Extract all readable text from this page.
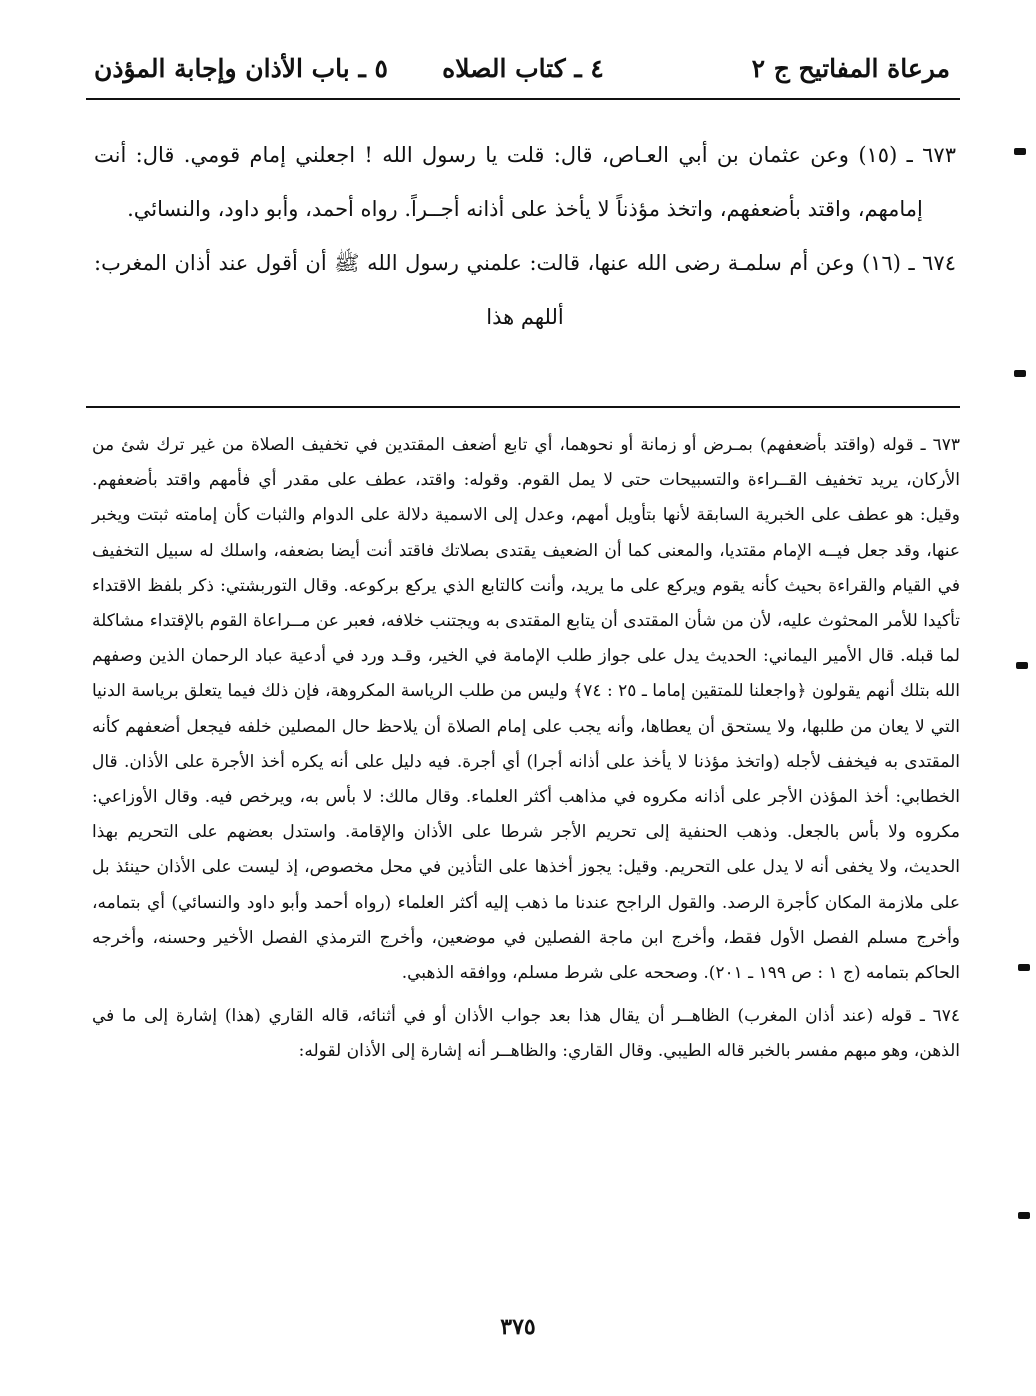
مرعاة المفاتيح ج ٢
٤ ـ كتاب الصلاه
٥ ـ باب الأذان وإجابة المؤذن

٦٧٣ ـ (١٥) وعن عثمان بن أبي العـاص، قال: قلت يا رسول الله ! اجعلني إمام قومي. قال: أنت إمامهم، واقتد بأضعفهم، واتخذ مؤذناً لا يأخذ على أذانه أجــراً. رواه أحمد، وأبو داود، والنسائي.

٦٧٤ ـ (١٦) وعن أم سلمـة رضى الله عنها، قالت: علمني رسول الله ﷺ أن أقول عند أذان المغرب: أللهم هذا

٦٧٣ ـ قوله (واقتد بأضعفهم) بمـرض أو زمانة أو نحوهما، أي تابع أضعف المقتدين في تخفيف الصلاة من غير ترك شئ من الأركان، يريد تخفيف القــراءة والتسبيحات حتى لا يمل القوم. وقوله: واقتد، عطف على مقدر أي فأمهم واقتد بأضعفهم. وقيل: هو عطف على الخبرية السابقة لأنها بتأويل أمهم، وعدل إلى الاسمية دلالة على الدوام والثبات كأن إمامته ثبتت ويخبر عنها، وقد جعل فيــه الإمام مقتديا، والمعنى كما أن الضعيف يقتدى بصلاتك فاقتد أنت أيضا بضعفه، واسلك له سبيل التخفيف في القيام والقراءة بحيث كأنه يقوم ويركع على ما يريد، وأنت كالتابع الذي يركع بركوعه. وقال التوربشتي: ذكر بلفظ الاقتداء تأكيدا للأمر المحثوث عليه، لأن من شأن المقتدى أن يتابع المقتدى به ويجتنب خلافه، فعبر عن مــراعاة القوم بالإقتداء مشاكلة لما قبله. قال الأمير اليماني: الحديث يدل على جواز طلب الإمامة في الخير، وقـد ورد في أدعية عباد الرحمان الذين وصفهم الله بتلك أنهم يقولون ﴿واجعلنا للمتقين إماما ـ ٢٥ : ٧٤﴾ وليس من طلب الرياسة المكروهة، فإن ذلك فيما يتعلق برياسة الدنيا التي لا يعان من طلبها، ولا يستحق أن يعطاها، وأنه يجب على إمام الصلاة أن يلاحظ حال المصلين خلفه فيجعل أضعفهم كأنه المقتدى به فيخفف لأجله (واتخذ مؤذنا لا يأخذ على أذانه أجرا) أي أجرة. فيه دليل على أنه يكره أخذ الأجرة على الأذان. قال الخطابي: أخذ المؤذن الأجر على أذانه مكروه في مذاهب أكثر العلماء. وقال مالك: لا بأس به، ويرخص فيه. وقال الأوزاعي: مكروه ولا بأس بالجعل. وذهب الحنفية إلى تحريم الأجر شرطا على الأذان والإقامة. واستدل بعضهم على التحريم بهذا الحديث، ولا يخفى أنه لا يدل على التحريم. وقيل: يجوز أخذها على التأذين في محل مخصوص، إذ ليست على الأذان حينئذ بل على ملازمة المكان كأجرة الرصد. والقول الراجح عندنا ما ذهب إليه أكثر العلماء (رواه أحمد وأبو داود والنسائي) أي بتمامه، وأخرج مسلم الفصل الأول فقط، وأخرج ابن ماجة الفصلين في موضعين، وأخرج الترمذي الفصل الأخير وحسنه، وأخرجه الحاكم بتمامه (ج ١ : ص ١٩٩ ـ ٢٠١). وصححه على شرط مسلم، ووافقه الذهبي.

٦٧٤ ـ قوله (عند أذان المغرب) الظاهــر أن يقال هذا بعد جواب الأذان أو في أثنائه، قاله القاري (هذا) إشارة إلى ما في الذهن، وهو مبهم مفسر بالخبر قاله الطيبي. وقال القاري: والظاهــر أنه إشارة إلى الأذان لقوله:

٣٧٥
